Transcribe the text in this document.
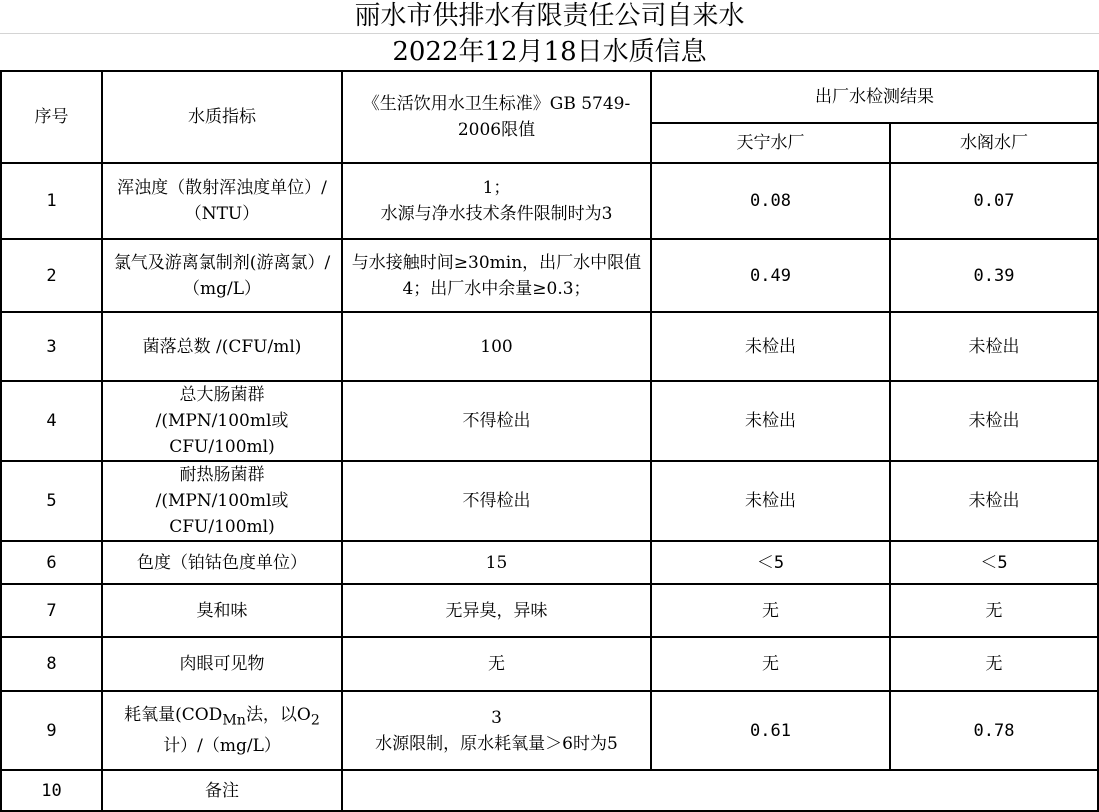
丽水市供排水有限责任公司自来水
2022年12月18日水质信息
序号	水质指标	《生活饮用水卫生标准》GB 5749-2006限值	出厂水检测结果	
			天宁水厂	水阁水厂
1	浑浊度（散射浑浊度单位）/（NTU）	1；
水源与净水技术条件限制时为3	0.08	0.07
2	氯气及游离氯制剂(游离氯）/（mg/L）	与水接触时间≥30min，出厂水中限值4；出厂水中余量≥0.3；	0.49	0.39
3	菌落总数 /(CFU/ml)	100	未检出	未检出
4	总大肠菌群
/(MPN/100ml或
CFU/100ml)	不得检出	未检出	未检出
5	耐热肠菌群
/(MPN/100ml或
CFU/100ml)	不得检出	未检出	未检出
6	色度（铂钴色度单位）	15	＜5	＜5
7	臭和味	无异臭，异味	无	无
8	肉眼可见物	无	无	无
9	耗氧量($COD_{Mn}$法，以$O_2$
计）/（mg/L）	3
水源限制，原水耗氧量＞6时为5	0.61	0.78
10	备注			
